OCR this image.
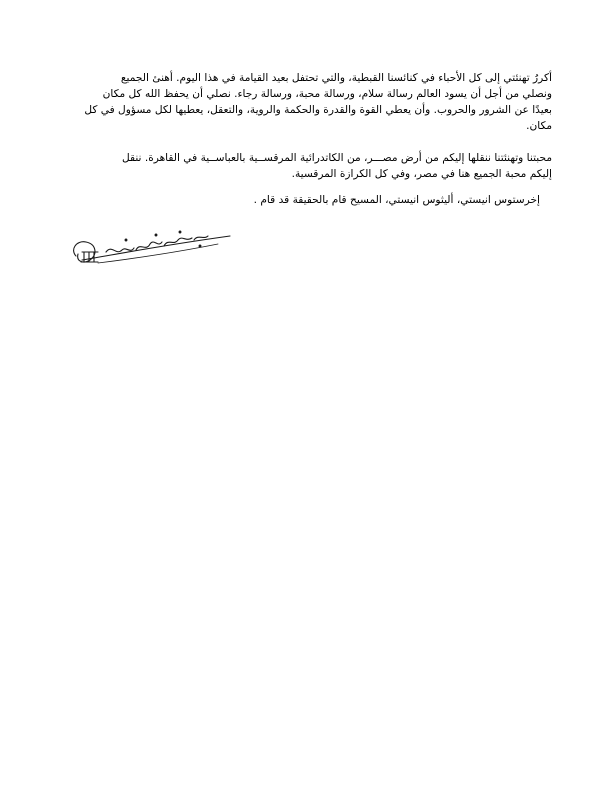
أكررُ تهنئتي إلى كل الأحباء في كنائسنا القبطية، والتي تحتفل بعيد القيامة في هذا اليوم. أهنئ الجميع
ونصلي من أجل أن يسود العالم رسالة سلام، ورسالة محبة، ورسالة رجاء. نصلي أن يحفظ الله كل مكان
بعيدًا عن الشرور والحروب. وأن يعطي القوة والقدرة والحكمة والروية، والتعقل، يعطيها لكل مسؤول في كل
مكان.

محبتنا وتهنئتنا ننقلها إليكم من أرض مصـــر، من الكاتدرائية المرقســية بالعباســية في القاهرة. ننقل
إليكم محبة الجميع هنا في مصر، وفي كل الكرازة المرقسية.

إخرستوس انيستي، أليثوس انيستي، المسيح قام بالحقيقة قد قام .
